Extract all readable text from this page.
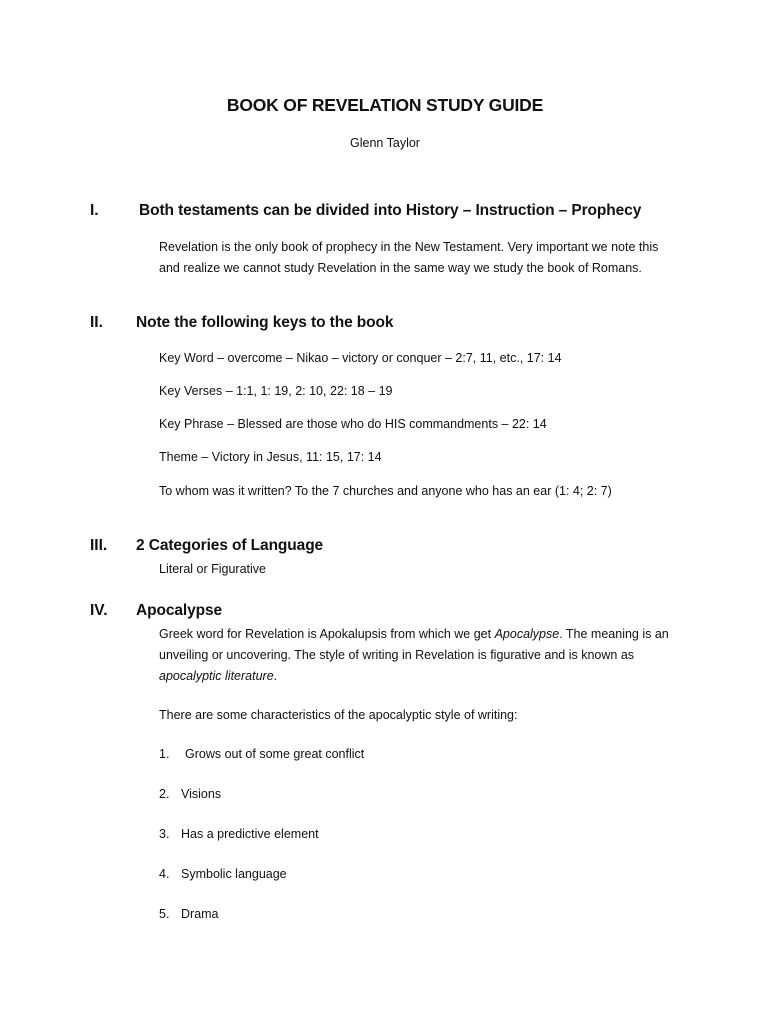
BOOK OF REVELATION STUDY GUIDE
Glenn Taylor
I.	Both testaments can be divided into History – Instruction – Prophecy
Revelation is the only book of prophecy in the New Testament. Very important we note this
and realize we cannot study Revelation in the same way we study the book of Romans.
II. Note the following keys to the book
Key Word – overcome – Nikao – victory or conquer – 2:7, 11, etc., 17: 14
Key Verses – 1:1, 1: 19, 2: 10, 22: 18 – 19
Key Phrase – Blessed are those who do HIS commandments – 22: 14
Theme – Victory in Jesus, 11: 15, 17: 14
To whom was it written? To the 7 churches and anyone who has an ear (1: 4; 2: 7)
III. 2 Categories of Language
Literal or Figurative
IV. Apocalypse
Greek word for Revelation is Apokalupsis from which we get Apocalypse. The meaning is an
unveiling or uncovering. The style of writing in Revelation is figurative and is known as
apocalyptic literature.
There are some characteristics of the apocalyptic style of writing:
1. Grows out of some great conflict
2. Visions
3. Has a predictive element
4. Symbolic language
5. Drama
